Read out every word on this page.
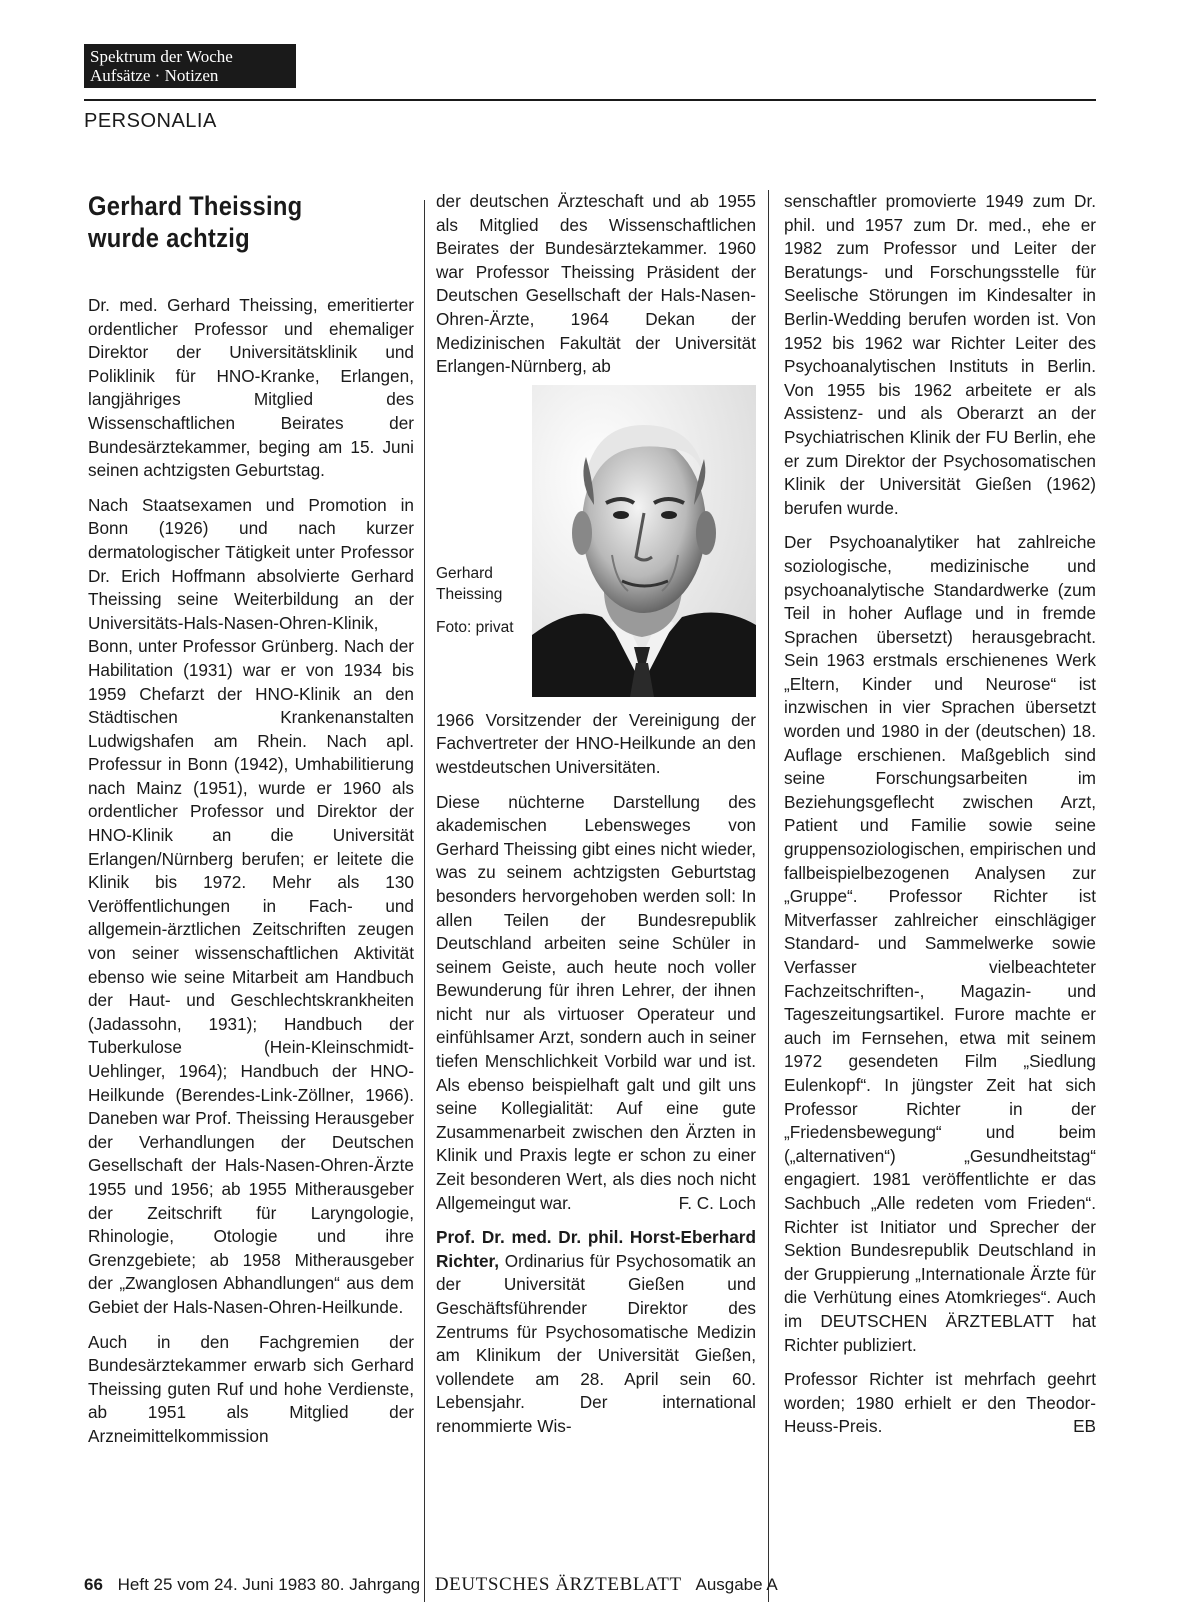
Spektrum der Woche
Aufsätze · Notizen
PERSONALIA
Gerhard Theissing
wurde achtzig

Dr. med. Gerhard Theissing, emeritierter ordentlicher Professor und ehemaliger Direktor der Universitätsklinik und Poliklinik für HNO-Kranke, Erlangen, langjähriges Mitglied des Wissenschaftlichen Beirates der Bundesärztekammer, beging am 15. Juni seinen achtzigsten Geburtstag.

Nach Staatsexamen und Promotion in Bonn (1926) und nach kurzer dermatologischer Tätigkeit unter Professor Dr. Erich Hoffmann absolvierte Gerhard Theissing seine Weiterbildung an der Universitäts-Hals-Nasen-Ohren-Klinik, Bonn, unter Professor Grünberg. Nach der Habilitation (1931) war er von 1934 bis 1959 Chefarzt der HNO-Klinik an den Städtischen Krankenanstalten Ludwigshafen am Rhein. Nach apl. Professur in Bonn (1942), Umhabilitierung nach Mainz (1951), wurde er 1960 als ordentlicher Professor und Direktor der HNO-Klinik an die Universität Erlangen/Nürnberg berufen; er leitete die Klinik bis 1972. Mehr als 130 Veröffentlichungen in Fach- und allgemein-ärztlichen Zeitschriften zeugen von seiner wissenschaftlichen Aktivität ebenso wie seine Mitarbeit am Handbuch der Haut- und Geschlechtskrankheiten (Jadassohn, 1931); Handbuch der Tuberkulose (Hein-Kleinschmidt-Uehlinger, 1964); Handbuch der HNO-Heilkunde (Berendes-Link-Zöllner, 1966). Daneben war Prof. Theissing Herausgeber der Verhandlungen der Deutschen Gesellschaft der Hals-Nasen-Ohren-Ärzte 1955 und 1956; ab 1955 Mitherausgeber der Zeitschrift für Laryngologie, Rhinologie, Otologie und ihre Grenzgebiete; ab 1958 Mitherausgeber der „Zwanglosen Abhandlungen“ aus dem Gebiet der Hals-Nasen-Ohren-Heilkunde.

Auch in den Fachgremien der Bundesärztekammer erwarb sich Gerhard Theissing guten Ruf und hohe Verdienste, ab 1951 als Mitglied der Arzneimittelkommission

der deutschen Ärzteschaft und ab 1955 als Mitglied des Wissenschaftlichen Beirates der Bundesärztekammer. 1960 war Professor Theissing Präsident der Deutschen Gesellschaft der Hals-Nasen-Ohren-Ärzte, 1964 Dekan der Medizinischen Fakultät der Universität Erlangen-Nürnberg, ab

Gerhard Theissing
Foto: privat

1966 Vorsitzender der Vereinigung der Fachvertreter der HNO-Heilkunde an den westdeutschen Universitäten.

Diese nüchterne Darstellung des akademischen Lebensweges von Gerhard Theissing gibt eines nicht wieder, was zu seinem achtzigsten Geburtstag besonders hervorgehoben werden soll: In allen Teilen der Bundesrepublik Deutschland arbeiten seine Schüler in seinem Geiste, auch heute noch voller Bewunderung für ihren Lehrer, der ihnen nicht nur als virtuoser Operateur und einfühlsamer Arzt, sondern auch in seiner tiefen Menschlichkeit Vorbild war und ist. Als ebenso beispielhaft galt und gilt uns seine Kollegialität: Auf eine gute Zusammenarbeit zwischen den Ärzten in Klinik und Praxis legte er schon zu einer Zeit besonderen Wert, als dies noch nicht Allgemeingut war.	F. C. Loch

Prof. Dr. med. Dr. phil. Horst-Eberhard Richter, Ordinarius für Psychosomatik an der Universität Gießen und Geschäftsführender Direktor des Zentrums für Psychosomatische Medizin am Klinikum der Universität Gießen, vollendete am 28. April sein 60. Lebensjahr. Der international renommierte Wis-

senschaftler promovierte 1949 zum Dr. phil. und 1957 zum Dr. med., ehe er 1982 zum Professor und Leiter der Beratungs- und Forschungsstelle für Seelische Störungen im Kindesalter in Berlin-Wedding berufen worden ist. Von 1952 bis 1962 war Richter Leiter des Psychoanalytischen Instituts in Berlin. Von 1955 bis 1962 arbeitete er als Assistenz- und als Oberarzt an der Psychiatrischen Klinik der FU Berlin, ehe er zum Direktor der Psychosomatischen Klinik der Universität Gießen (1962) berufen wurde.

Der Psychoanalytiker hat zahlreiche soziologische, medizinische und psychoanalytische Standardwerke (zum Teil in hoher Auflage und in fremde Sprachen übersetzt) herausgebracht. Sein 1963 erstmals erschienenes Werk „Eltern, Kinder und Neurose“ ist inzwischen in vier Sprachen übersetzt worden und 1980 in der (deutschen) 18. Auflage erschienen. Maßgeblich sind seine Forschungsarbeiten im Beziehungsgeflecht zwischen Arzt, Patient und Familie sowie seine gruppensoziologischen, empirischen und fallbeispielbezogenen Analysen zur „Gruppe“. Professor Richter ist Mitverfasser zahlreicher einschlägiger Standard- und Sammelwerke sowie Verfasser vielbeachteter Fachzeitschriften-, Magazin- und Tageszeitungsartikel. Furore machte er auch im Fernsehen, etwa mit seinem 1972 gesendeten Film „Siedlung Eulenkopf“. In jüngster Zeit hat sich Professor Richter in der „Friedensbewegung“ und beim („alternativen“) „Gesundheitstag“ engagiert. 1981 veröffentlichte er das Sachbuch „Alle redeten vom Frieden“. Richter ist Initiator und Sprecher der Sektion Bundesrepublik Deutschland in der Gruppierung „Internationale Ärzte für die Verhütung eines Atomkrieges“. Auch im DEUTSCHEN ÄRZTEBLATT hat Richter publiziert.

Professor Richter ist mehrfach geehrt worden; 1980 erhielt er den Theodor-Heuss-Preis.	EB

66 Heft 25 vom 24. Juni 1983 80. Jahrgang DEUTSCHES ÄRZTEBLATT Ausgabe A
